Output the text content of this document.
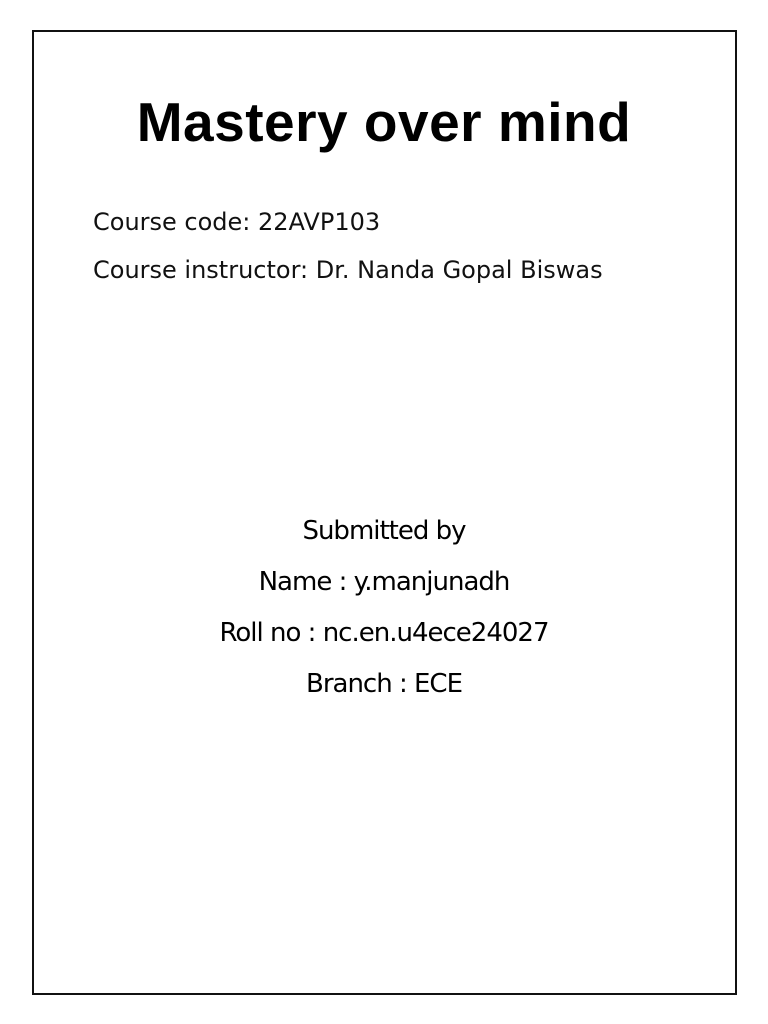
Mastery over mind

Course code: 22AVP103

Course instructor: Dr. Nanda Gopal Biswas

Submitted by

Name : y.manjunadh

Roll no : nc.en.u4ece24027

Branch : ECE
